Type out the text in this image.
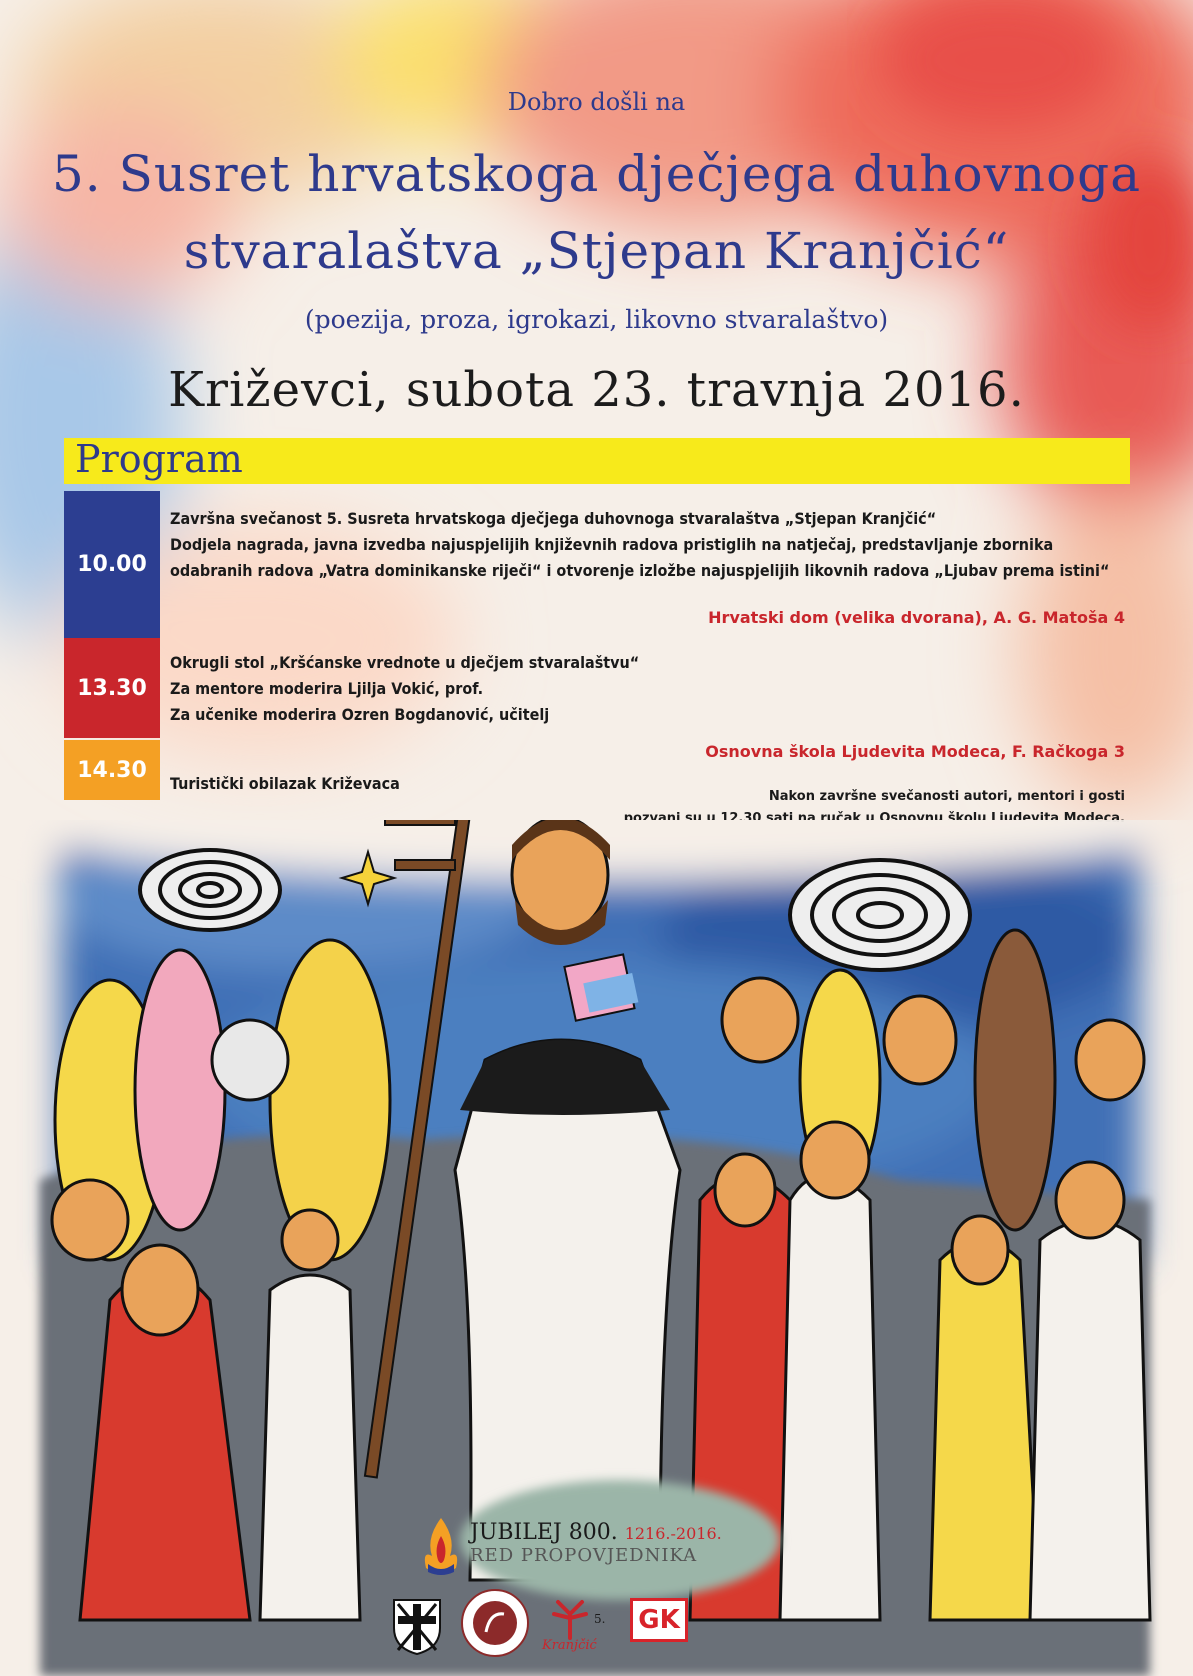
Dobro došli na
5. Susret hrvatskoga dječjega duhovnoga
stvaralaštva „Stjepan Kranjčić“
(poezija, proza, igrokazi, likovno stvaralaštvo)
Križevci, subota 23. travnja 2016.
Program
10.00
13.30
14.30
Završna svečanost 5. Susreta hrvatskoga dječjega duhovnoga stvaralaštva „Stjepan Kranjčić“
Dodjela nagrada, javna izvedba najuspjelijih književnih radova pristiglih na natječaj, predstavljanje zbornika
odabranih radova „Vatra dominikanske riječi“ i otvorenje izložbe najuspjelijih likovnih radova „Ljubav prema istini“
Hrvatski dom (velika dvorana), A. G. Matoša 4
Okrugli stol „Kršćanske vrednote u dječjem stvaralaštvu“
Za mentore moderira Ljilja Vokić, prof.
Za učenike moderira Ozren Bogdanović, učitelj
Osnovna škola Ljudevita Modeca, F. Račkoga 3
Turistički obilazak Križevaca
Nakon završne svečanosti autori, mentori i gosti
pozvani su u 12.30 sati na ručak u Osnovnu školu Ljudevita Modeca.
JUBILEJ 800. 1216.-2016.
RED PROPOVJEDNIKA
5.
Kranjčić
GK
